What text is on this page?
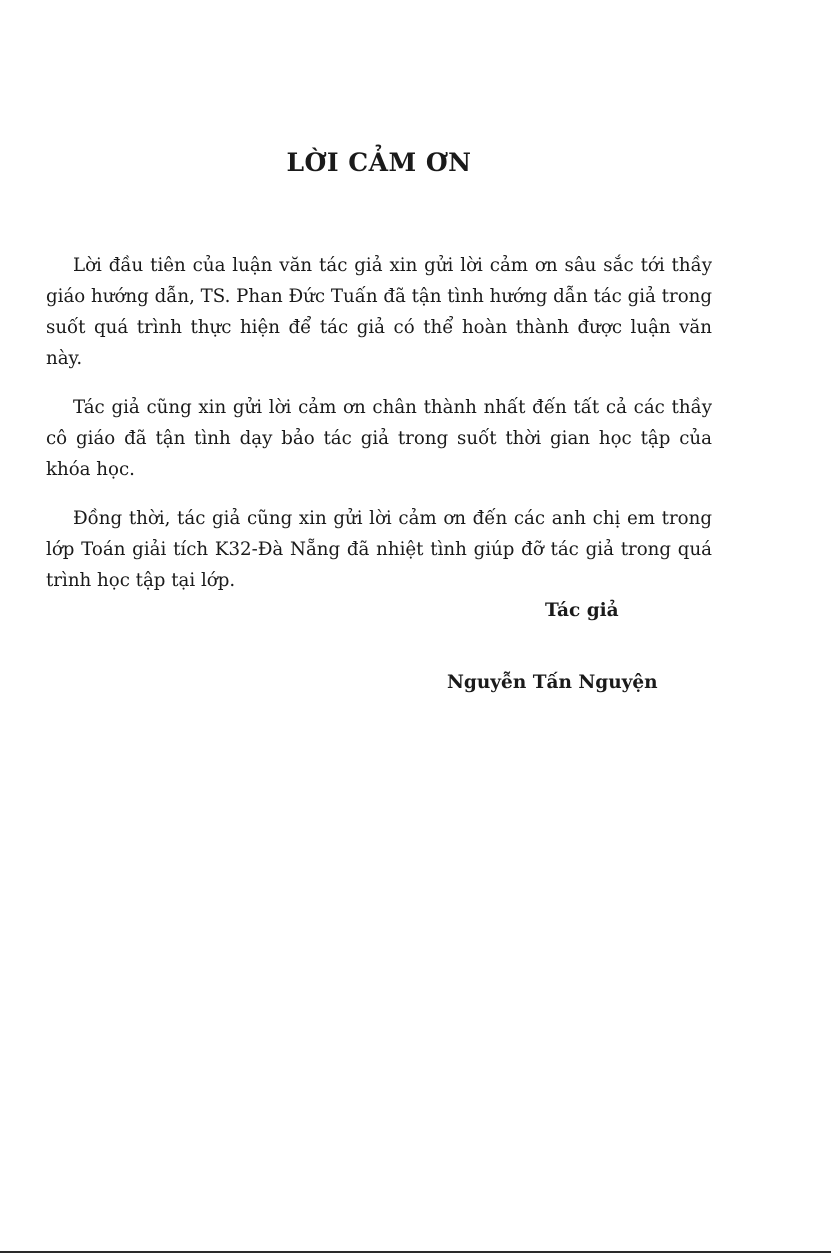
LỜI CẢM ƠN

Lời đầu tiên của luận văn tác giả xin gửi lời cảm ơn sâu sắc tới thầy giáo hướng dẫn, TS. Phan Đức Tuấn đã tận tình hướng dẫn tác giả trong suốt quá trình thực hiện để tác giả có thể hoàn thành được luận văn này.

Tác giả cũng xin gửi lời cảm ơn chân thành nhất đến tất cả các thầy cô giáo đã tận tình dạy bảo tác giả trong suốt thời gian học tập của khóa học.

Đồng thời, tác giả cũng xin gửi lời cảm ơn đến các anh chị em trong lớp Toán giải tích K32-Đà Nẵng đã nhiệt tình giúp đỡ tác giả trong quá trình học tập tại lớp.

Tác giả

Nguyễn Tấn Nguyện
